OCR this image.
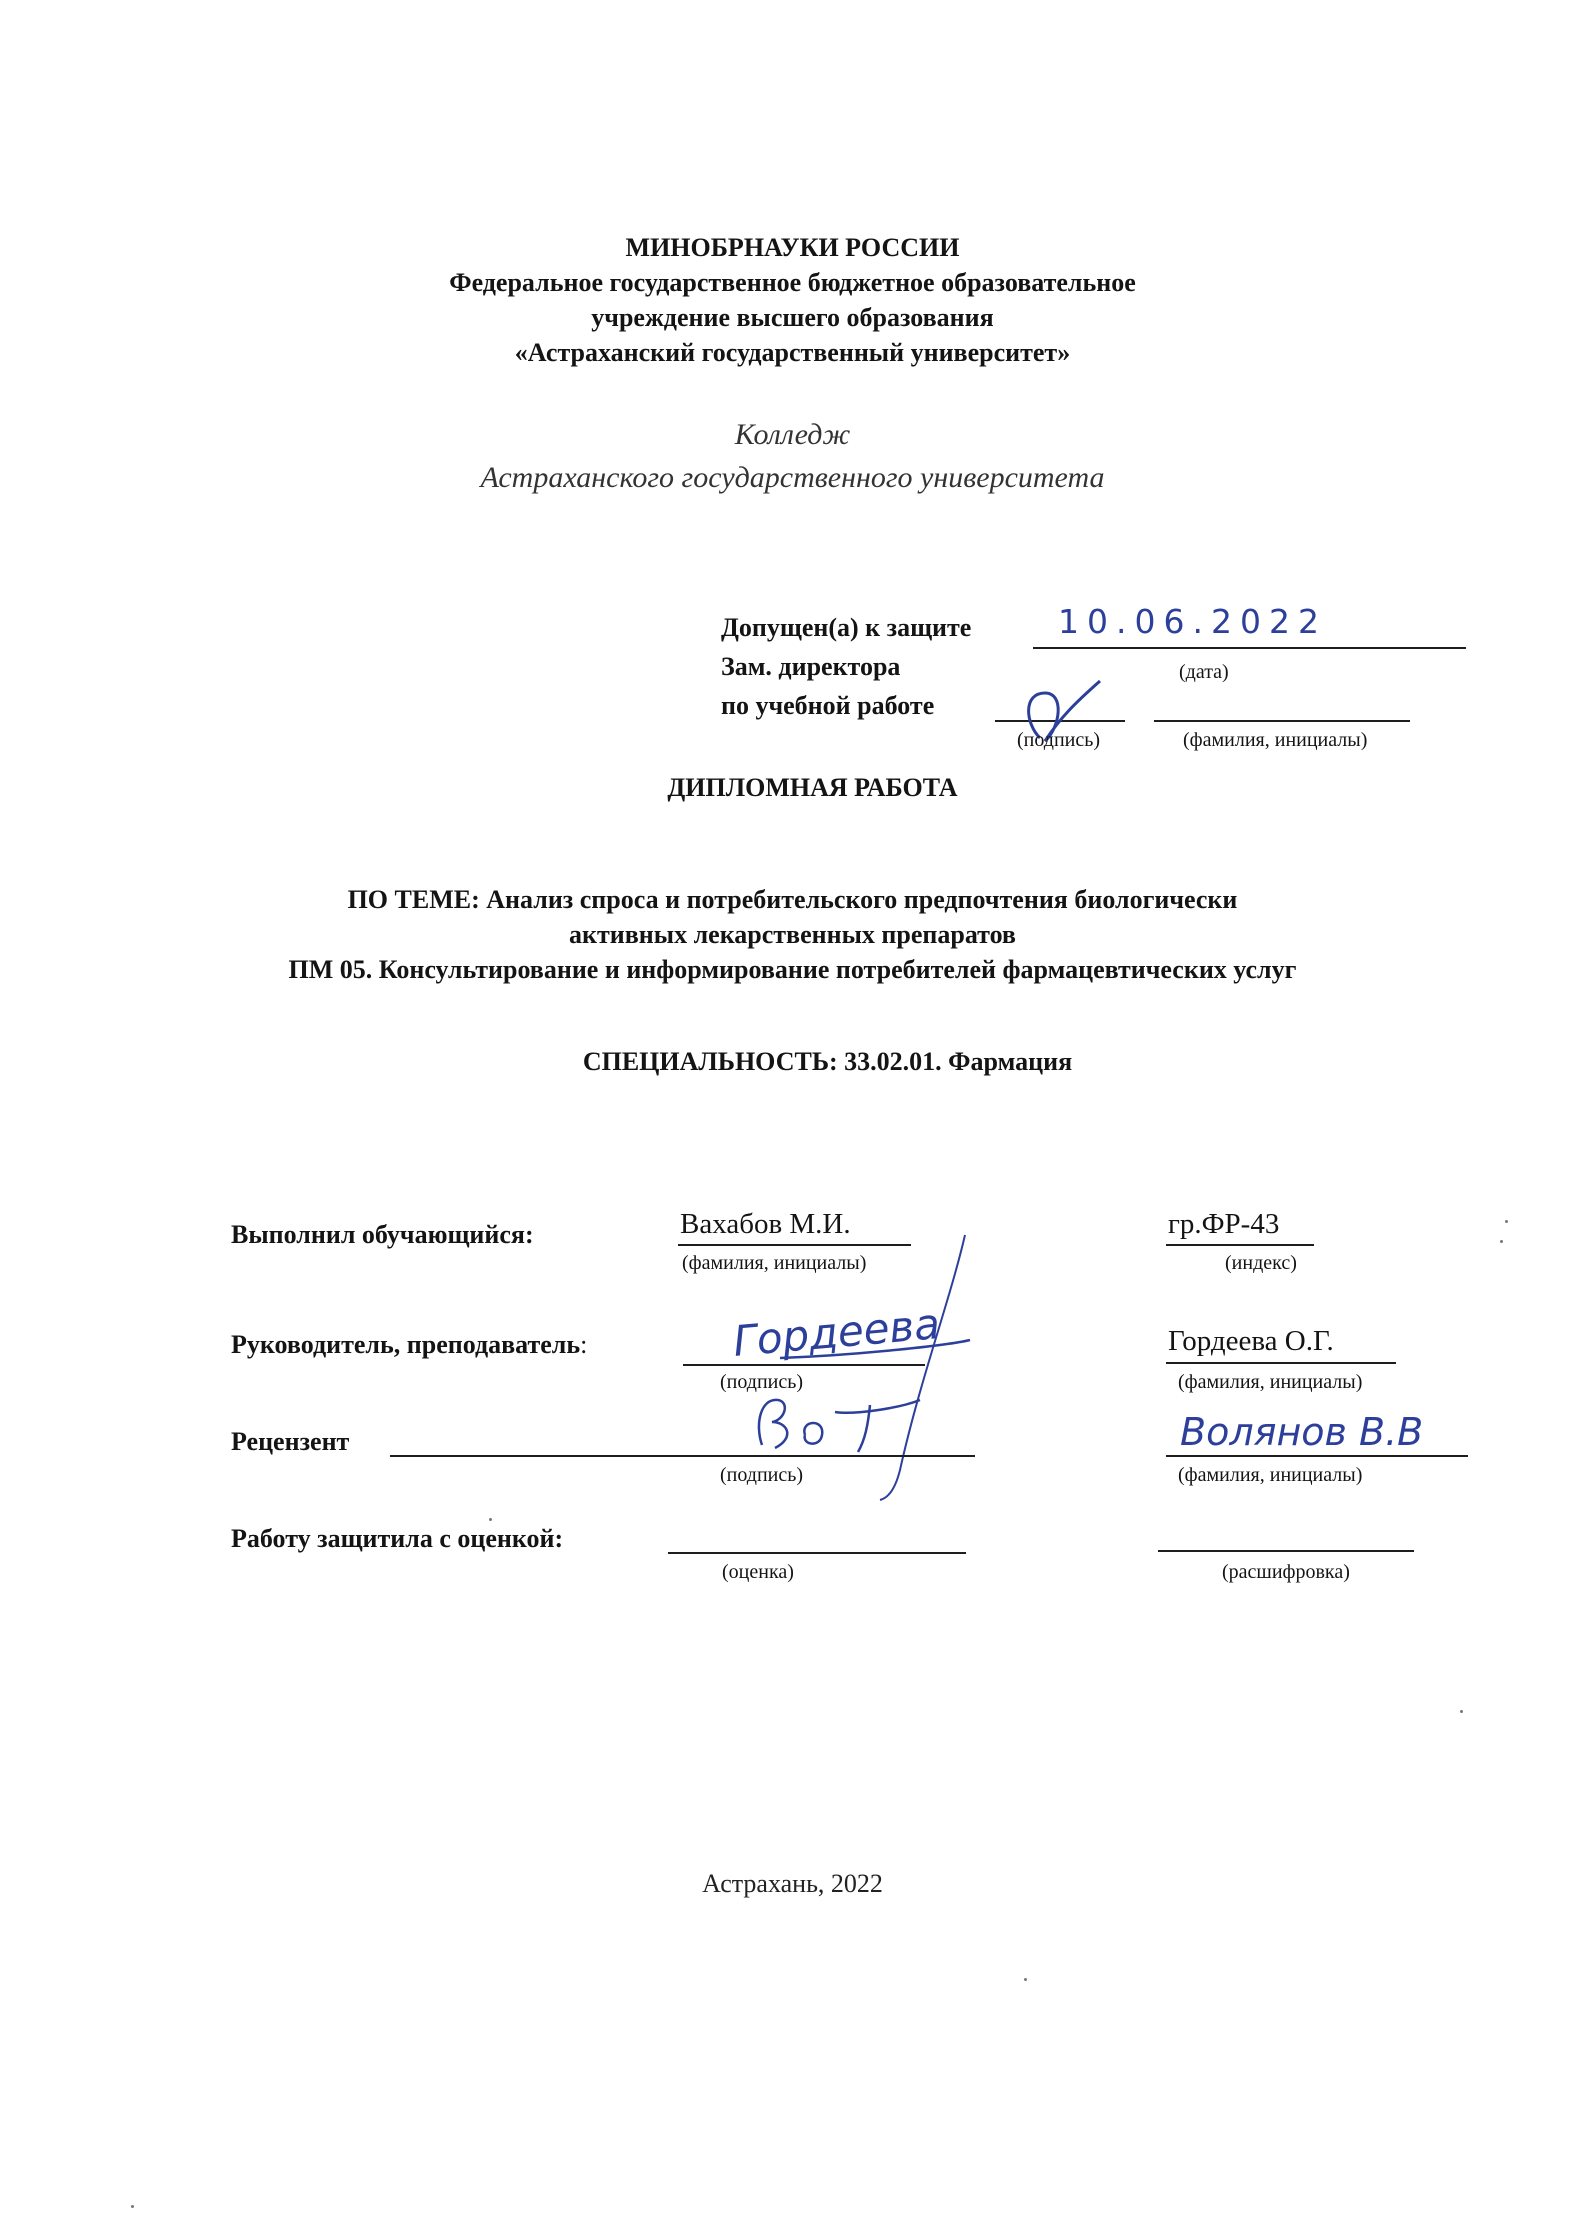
МИНОБРНАУКИ РОССИИ
Федеральное государственное бюджетное образовательное
учреждение высшего образования
«Астраханский государственный университет»
Колледж
Астраханского государственного университета
Допущен(а) к защите	10.06.2022
Зам. директора	(дата)
по учебной работе
(подпись)	(фамилия, инициалы)
ДИПЛОМНАЯ РАБОТА
ПО ТЕМЕ: Анализ спроса и потребительского предпочтения биологически
активных лекарственных препаратов
ПМ 05. Консультирование и информирование потребителей фармацевтических услуг
СПЕЦИАЛЬНОСТЬ: 33.02.01. Фармация
Выполнил обучающийся:	Вахабов М.И.
(фамилия, инициалы)
гр.ФР-43
(индекс)
Руководитель, преподаватель:	Гордеева
(подпись)
Гордеева О.Г.
(фамилия, инициалы)
Рецензент
(подпись)
Волянов В.В
(фамилия, инициалы)
Работу защитила с оценкой:
(оценка)	(расшифровка)
Астрахань, 2022
